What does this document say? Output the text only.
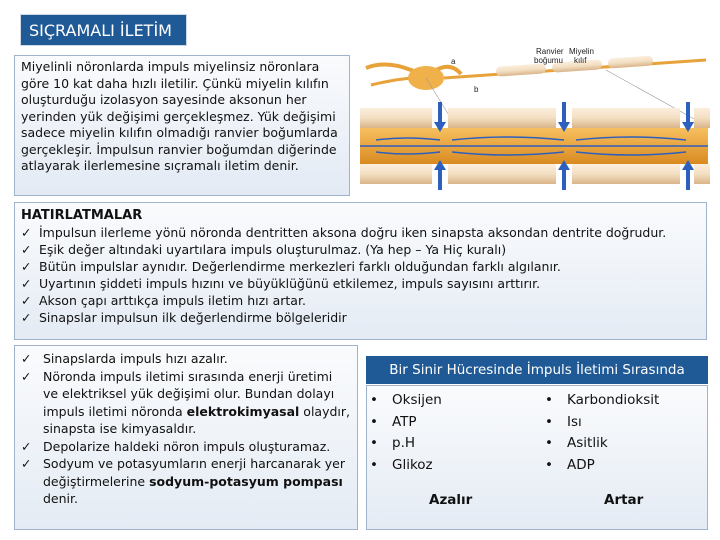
SIÇRAMALI İLETİM

Miyelinli nöronlarda impuls miyelinsiz nöronlara göre 10 kat daha hızlı iletilir. Çünkü miyelin kılıfın oluşturduğu izolasyon sayesinde aksonun her yerinden yük değişimi gerçekleşmez. Yük değişimi sadece miyelin kılıfın olmadığı ranvier boğumlarda gerçekleşir. İmpulsun ranvier boğumdan diğerinde atlayarak ilerlemesine sıçramalı iletim denir.

Ranvier
boğumu
Miyelin
kılıf
a
b
HATIRLATMALAR
✓ İmpulsun ilerleme yönü nöronda dentritten aksona doğru iken sinapsta aksondan dentrite doğrudur.
✓ Eşik değer altındaki uyartılara impuls oluşturulmaz. (Ya hep – Ya Hiç kuralı)
✓ Bütün impulslar aynıdır. Değerlendirme merkezleri farklı olduğundan farklı algılanır.
✓ Uyartının şiddeti impuls hızını ve büyüklüğünü etkilemez, impuls sayısını arttırır.
✓ Akson çapı arttıkça impuls iletim hızı artar.
✓ Sinapslar impulsun ilk değerlendirme bölgeleridir
✓ Sinapslarda impuls hızı azalır.
✓ Nöronda impuls iletimi sırasında enerji üretimi ve elektriksel yük değişimi olur. Bundan dolayı impuls iletimi nöronda elektrokimyasal olaydır, sinapsta ise kimyasaldır.
✓ Depolarize haldeki nöron impuls oluşturamaz.
✓ Sodyum ve potasyumların enerji harcanarak yer değiştirmelerine sodyum-potasyum pompası denir.
Bir Sinir Hücresinde İmpuls İletimi Sırasında
• Oksijen
• ATP
• p.H
• Glikoz
• Karbondioksit
• Isı
• Asitlik
• ADP
Azalır	Artar
